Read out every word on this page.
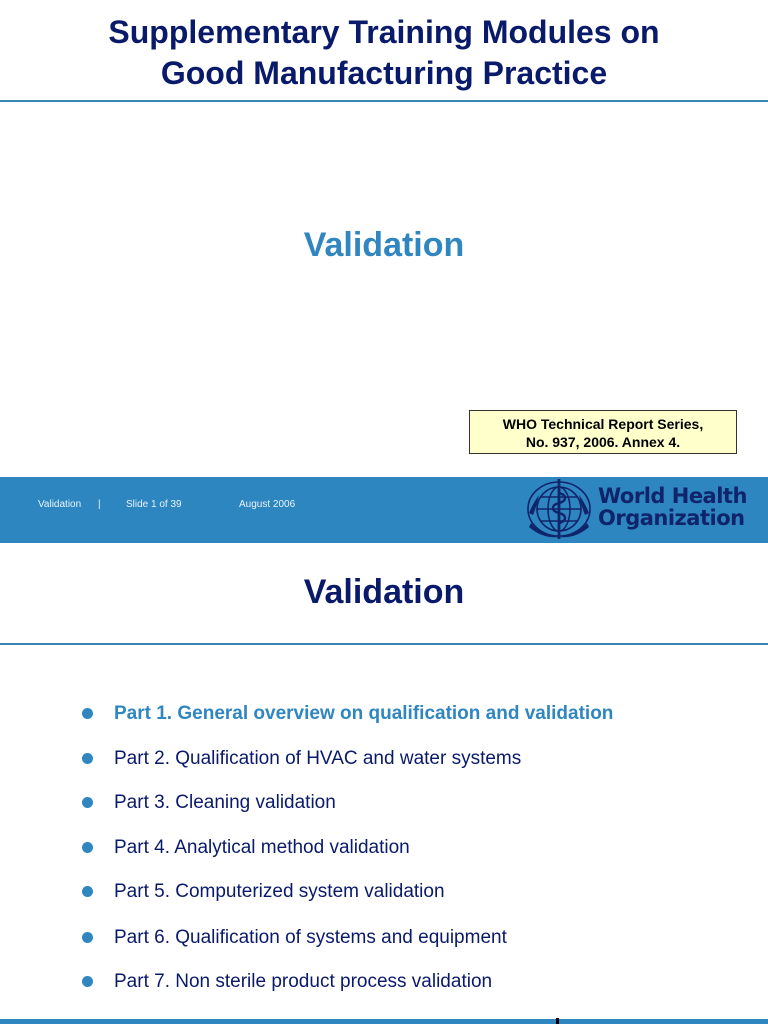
Supplementary Training Modules on
Good Manufacturing Practice
Validation
WHO Technical Report Series,
No. 937, 2006. Annex 4.
Validation |	Slide 1 of 39	August 2006	World Health
Organization
Validation
Part 1. General overview on qualification and validation
Part 2. Qualification of HVAC and water systems
Part 3. Cleaning validation
Part 4. Analytical method validation
Part 5. Computerized system validation
Part 6. Qualification of systems and equipment
Part 7. Non sterile product process validation
